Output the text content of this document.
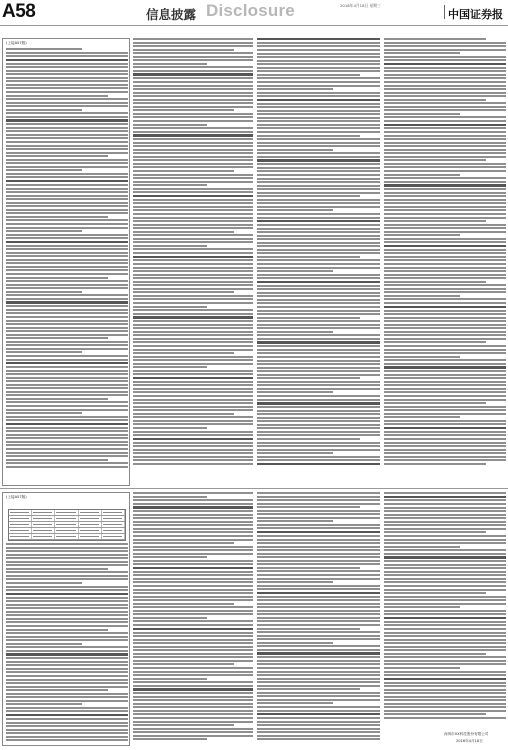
A58	信息披露 Disclosure	2018年4月18日 星期三
中国证券报
(上接A57版)
(上接A57版)
深圳市XX科技股份有限公司
2018年4月18日
